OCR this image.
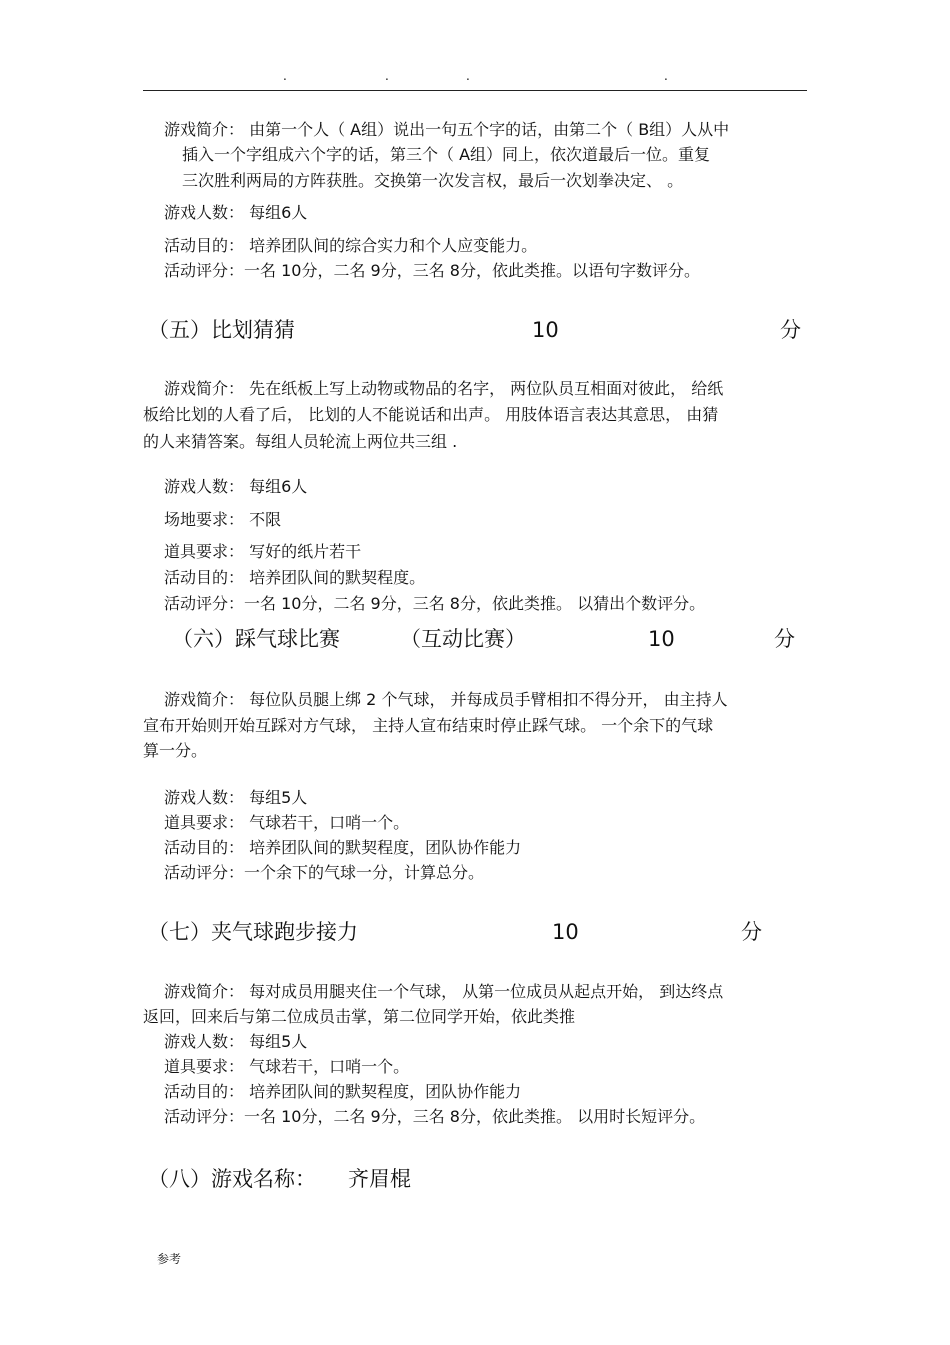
.	.	.	.
游戏简介： 由第一个人（ A组）说出一句五个字的话，由第二个（ B组）人从中
插入一个字组成六个字的话，第三个（ A组）同上，依次道最后一位。重复
三次胜利两局的方阵获胜。交换第一次发言权，最后一次划拳决定、 。
游戏人数： 每组6人
活动目的： 培养团队间的综合实力和个人应变能力。
活动评分：一名 10分，二名 9分，三名 8分，依此类推。以语句字数评分。
（五）比划猜猜	10	分
游戏简介： 先在纸板上写上动物或物品的名字， 两位队员互相面对彼此， 给纸
板给比划的人看了后， 比划的人不能说话和出声。 用肢体语言表达其意思， 由猜
的人来猜答案。每组人员轮流上两位共三组 .
游戏人数： 每组6人
场地要求： 不限
道具要求： 写好的纸片若干
活动目的： 培养团队间的默契程度。
活动评分：一名 10分，二名 9分，三名 8分，依此类推。 以猜出个数评分。
（六）踩气球比赛	（互动比赛）	10	分
游戏简介： 每位队员腿上绑 2 个气球， 并每成员手臂相扣不得分开， 由主持人
宣布开始则开始互踩对方气球， 主持人宣布结束时停止踩气球。 一个余下的气球
算一分。
游戏人数： 每组5人
道具要求： 气球若干，口哨一个。
活动目的： 培养团队间的默契程度，团队协作能力
活动评分：一个余下的气球一分，计算总分。
（七）夹气球跑步接力	10	分
游戏简介： 每对成员用腿夹住一个气球， 从第一位成员从起点开始， 到达终点
返回，回来后与第二位成员击掌，第二位同学开始，依此类推
游戏人数： 每组5人
道具要求： 气球若干，口哨一个。
活动目的： 培养团队间的默契程度，团队协作能力
活动评分：一名 10分，二名 9分，三名 8分，依此类推。 以用时长短评分。
（八）游戏名称： 齐眉棍
参考
